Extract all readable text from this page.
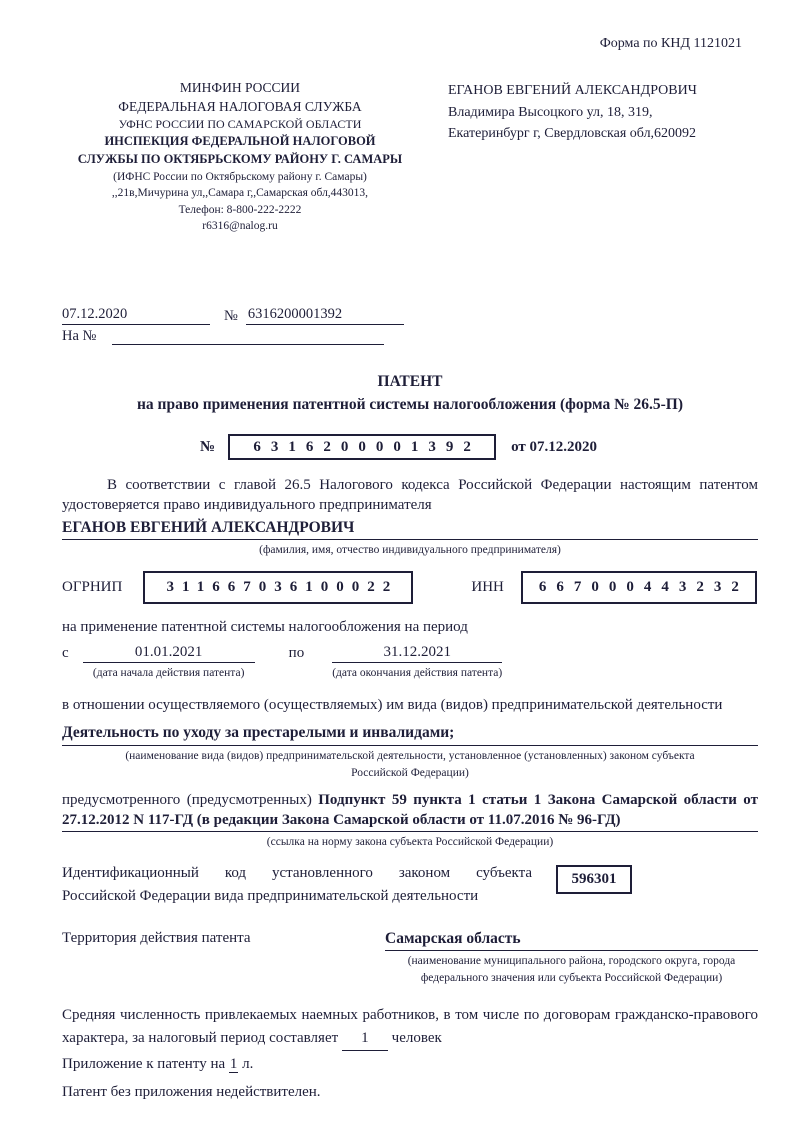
Форма по КНД 1121021
МИНФИН РОССИИ
ФЕДЕРАЛЬНАЯ НАЛОГОВАЯ СЛУЖБА
УФНС РОССИИ ПО САМАРСКОЙ ОБЛАСТИ
ИНСПЕКЦИЯ ФЕДЕРАЛЬНОЙ НАЛОГОВОЙ
СЛУЖБЫ ПО ОКТЯБРЬСКОМУ РАЙОНУ Г. САМАРЫ
(ИФНС России по Октябрьскому району г. Самары)
,,21в,Мичурина ул,,Самара г,,Самарская обл,443013,
Телефон: 8-800-222-2222
r6316@nalog.ru
ЕГАНОВ ЕВГЕНИЙ АЛЕКСАНДРОВИЧ
Владимира Высоцкого ул, 18, 319,
Екатеринбург г, Свердловская обл,620092
07.12.2020	№ 6316200001392
На №
ПАТЕНТ
на право применения патентной системы налогообложения (форма № 26.5-П)
№	6316200001392 от 07.12.2020

В соответствии с главой 26.5 Налогового кодекса Российской Федерации настоящим патентом удостоверяется право индивидуального предпринимателя

ЕГАНОВ ЕВГЕНИЙ АЛЕКСАНДРОВИЧ
(фамилия, имя, отчество индивидуального предпринимателя)
ОГРНИП	311667036100022	ИНН	667000443232

на применение патентной системы налогообложения на период

с	01.01.2021
(дата начала действия патента)
по	31.12.2021
(дата окончания действия патента)

в отношении осуществляемого (осуществляемых) им вида (видов) предпринимательской деятельности

Деятельность по уходу за престарелыми и инвалидами;
(наименование вида (видов) предпринимательской деятельности, установленное (установленных) законом субъекта
Российской Федерации)

предусмотренного (предусмотренных) Подпункт 59 пункта 1 статьи 1 Закона Самарской области от 27.12.2012 N 117-ГД (в редакции Закона Самарской области от 11.07.2016 № 96-ГД)

(ссылка на норму закона субъекта Российской Федерации)
Идентификационный код установленного законом субъекта
Российской Федерации вида предпринимательской деятельности
596301
Территория действия патента	Самарская область
(наименование муниципального района, городского округа, города
федерального значения или субъекта Российской Федерации)

Средняя численность привлекаемых наемных работников, в том числе по договорам гражданско-правового характера, за налоговый период составляет 1 человек

Приложение к патенту на 1 л.

Патент без приложения недействителен.
